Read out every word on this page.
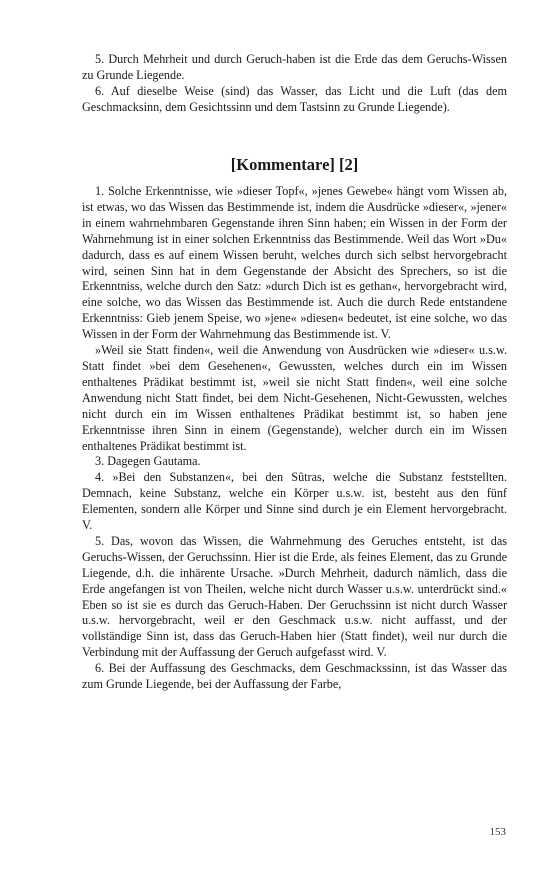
5. Durch Mehrheit und durch Geruch-haben ist die Erde das dem Geruchs-Wissen zu Grunde Liegende.

6. Auf dieselbe Weise (sind) das Wasser, das Licht und die Luft (das dem Geschmacksinn, dem Gesichtssinn und dem Tastsinn zu Grunde Liegende).

[Kommentare] [2]

1. Solche Erkenntnisse, wie »dieser Topf«, »jenes Gewebe« hängt vom Wissen ab, ist etwas, wo das Wissen das Bestimmende ist, indem die Ausdrücke »dieser«, »jener« in einem wahrnehmbaren Gegenstande ihren Sinn haben; ein Wissen in der Form der Wahrnehmung ist in einer solchen Erkenntniss das Bestimmende. Weil das Wort »Du« dadurch, dass es auf einem Wissen beruht, welches durch sich selbst hervorgebracht wird, seinen Sinn hat in dem Gegenstande der Absicht des Sprechers, so ist die Erkenntniss, welche durch den Satz: »durch Dich ist es gethan«, hervorgebracht wird, eine solche, wo das Wissen das Bestimmende ist. Auch die durch Rede entstandene Erkenntniss: Gieb jenem Speise, wo »jene« »diesen« bedeutet, ist eine solche, wo das Wissen in der Form der Wahrnehmung das Bestimmende ist. V.

»Weil sie Statt finden«, weil die Anwendung von Ausdrücken wie »dieser« u.s.w. Statt findet »bei dem Gesehenen«, Gewussten, welches durch ein im Wissen enthaltenes Prädikat bestimmt ist, »weil sie nicht Statt finden«, weil eine solche Anwendung nicht Statt findet, bei dem Nicht-Gesehenen, Nicht-Gewussten, welches nicht durch ein im Wissen enthaltenes Prädikat bestimmt ist, so haben jene Erkenntnisse ihren Sinn in einem (Gegenstande), welcher durch ein im Wissen enthaltenes Prädikat bestimmt ist.

3. Dagegen Gautama.

4. »Bei den Substanzen«, bei den Sûtras, welche die Substanz feststellten. Demnach, keine Substanz, welche ein Körper u.s.w. ist, besteht aus den fünf Elementen, sondern alle Körper und Sinne sind durch je ein Element hervorgebracht. V.

5. Das, wovon das Wissen, die Wahrnehmung des Geruches entsteht, ist das Geruchs-Wissen, der Geruchssinn. Hier ist die Erde, als feines Element, das zu Grunde Liegende, d.h. die inhärente Ursache. »Durch Mehrheit, dadurch nämlich, dass die Erde angefangen ist von Theilen, welche nicht durch Wasser u.s.w. unterdrückt sind.« Eben so ist sie es durch das Geruch-Haben. Der Geruchssinn ist nicht durch Wasser u.s.w. hervorgebracht, weil er den Geschmack u.s.w. nicht auffasst, und der vollständige Sinn ist, dass das Geruch-Haben hier (Statt findet), weil nur durch die Verbindung mit der Auffassung der Geruch aufgefasst wird. V.

6. Bei der Auffassung des Geschmacks, dem Geschmackssinn, ist das Wasser das zum Grunde Liegende, bei der Auffassung der Farbe,

153
